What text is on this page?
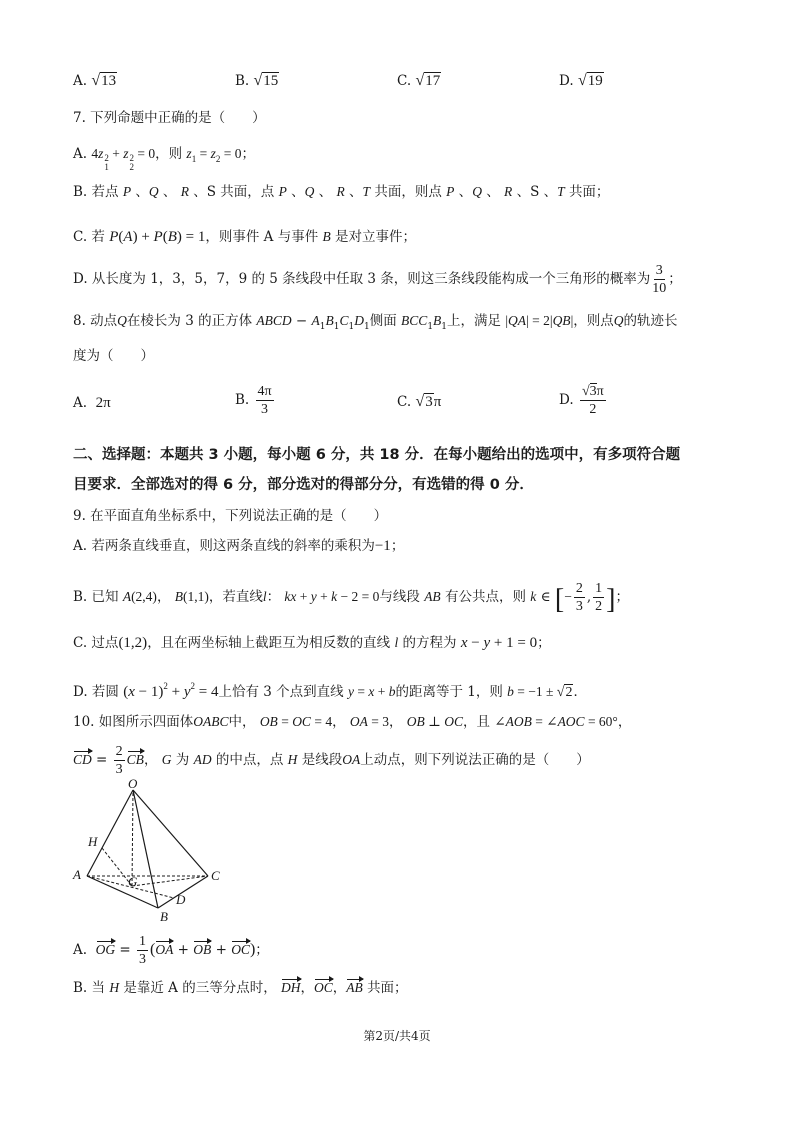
A. √13	B. √15	C. √17	D. √19
7. 下列命题中正确的是（　　）
A. 4z 2
1
+ z 2
2
= 0，则 $z_1 = z_2 = 0$；
B. 若点 P 、Q 、 R 、S 共面，点 P 、Q 、 R 、T 共面，则点 P 、Q 、 R 、S 、T 共面；
C. 若 P(A) + P(B) = 1，则事件 A 与事件 B 是对立事件；
D. 从长度为 1，3，5，7，9 的 5 条线段中任取 3 条，则这三条线段能构成一个三角形的概率为 $\frac{3}{10}$ ；
8. 动点Q在棱长为 3 的正方体 ABCD − $A_1B_1C_1D_1$侧面 $BCC_1B_1$上，满足 |QA| = 2|QB|，则点Q的轨迹长
度为（　　）
A. 2π	B. $\frac{4\pi}{3}$	C. √3π	D. $\frac{√3\pi}{2}$
二、选择题：本题共 3 小题，每小题 6 分，共 18 分．在每小题给出的选项中，有多项符合题
目要求．全部选对的得 6 分，部分选对的得部分分，有选错的得 0 分．
9. 在平面直角坐标系中，下列说法正确的是（　　）
A. 若两条直线垂直，则这两条直线的斜率的乘积为−1；
B. 已知 A(2,4)， B(1,1)，若直线l： kx + y + k − 2 = 0与线段 AB 有公共点，则 k ∈ [− $\frac{2}{3}$ , $\frac{1}{2}$ ]；
C. 过点(1,2)，且在两坐标轴上截距互为相反数的直线 l 的方程为 x − y + 1 = 0；
D. 若圆 $(x - 1)^2 + y^2 = 4$上恰有 3 个点到直线 y = x + b的距离等于 1，则 b = −1 ± √2．
10. 如图所示四面体OABC中， OB = OC = 4， OA = 3， OB ⊥ OC，且 ∠AOB = ∠AOC = 60°，
CD = $\frac{2}{3}$ CB， G 为 AD 的中点，点 H 是线段OA上动点，则下列说法正确的是（　　）
O
H
A	G	C
D
B
A. OG = $\frac{1}{3} (OA$ + OB + OC)；
B. 当 H 是靠近 A 的三等分点时， DH，OC，AB 共面；
第2页/共4页
